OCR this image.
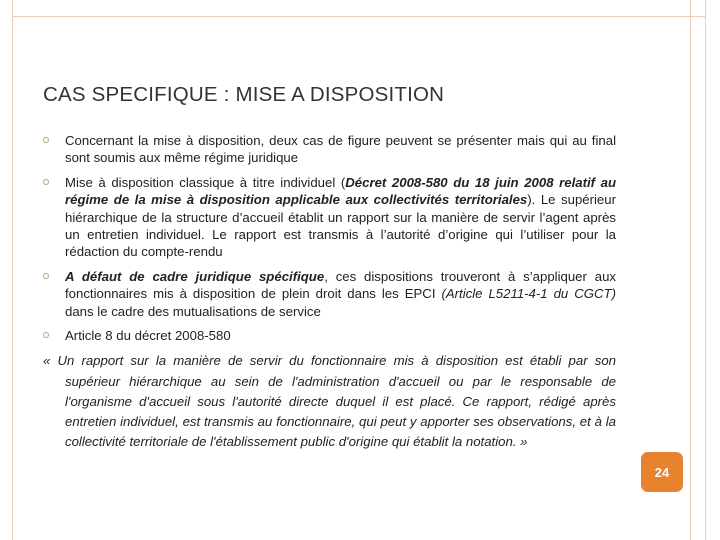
CAS SPECIFIQUE : MISE A DISPOSITION
Concernant la mise à disposition, deux cas de figure peuvent se présenter mais qui au final sont soumis aux même régime juridique
Mise à disposition classique à titre individuel (Décret 2008-580 du 18 juin 2008 relatif au régime de la mise à disposition applicable aux collectivités territoriales). Le supérieur hiérarchique de la structure d’accueil établit un rapport sur la manière de servir l’agent après un entretien individuel. Le rapport est transmis à l’autorité d’origine qui l’utiliser pour la rédaction du compte-rendu
A défaut de cadre juridique spécifique, ces dispositions trouveront à s’appliquer aux fonctionnaires mis à disposition de plein droit dans les EPCI (Article L5211-4-1 du CGCT) dans le cadre des mutualisations de service
Article 8 du décret 2008-580
« Un rapport sur la manière de servir du fonctionnaire mis à disposition est établi par son supérieur hiérarchique au sein de l'administration d'accueil ou par le responsable de l'organisme d'accueil sous l'autorité directe duquel il est placé. Ce rapport, rédigé après entretien individuel, est transmis au fonctionnaire, qui peut y apporter ses observations, et à la collectivité territoriale de l'établissement public d'origine qui établit la notation. »
24
